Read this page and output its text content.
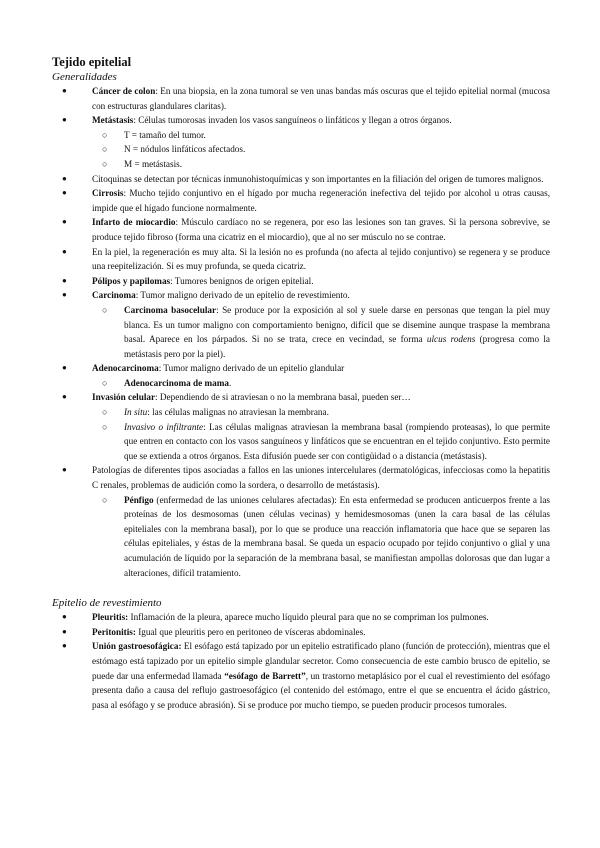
Tejido epitelial
Generalidades
● Cáncer de colon: En una biopsia, en la zona tumoral se ven unas bandas más oscuras que el tejido epitelial normal (mucosa con estructuras glandulares claritas).
● Metástasis: Células tumorosas invaden los vasos sanguíneos o linfáticos y llegan a otros órganos.
○ T = tamaño del tumor.
○ N = nódulos linfáticos afectados.
○ M = metástasis.
● Citoquinas se detectan por técnicas inmunohistoquímicas y son importantes en la filiación del origen de tumores malignos.
● Cirrosis: Mucho tejido conjuntivo en el hígado por mucha regeneración inefectiva del tejido por alcohol u otras causas, impide que el hígado funcione normalmente.
● Infarto de miocardio: Músculo cardíaco no se regenera, por eso las lesiones son tan graves. Si la persona sobrevive, se produce tejido fibroso (forma una cicatriz en el miocardio), que al no ser músculo no se contrae.
● En la piel, la regeneración es muy alta. Si la lesión no es profunda (no afecta al tejido conjuntivo) se regenera y se produce una reepitelización. Si es muy profunda, se queda cicatriz.
● Pólipos y papilomas: Tumores benignos de origen epitelial.
● Carcinoma: Tumor maligno derivado de un epitelio de revestimiento.
○ Carcinoma basocelular: Se produce por la exposición al sol y suele darse en personas que tengan la piel muy blanca. Es un tumor maligno con comportamiento benigno, difícil que se disemine aunque traspase la membrana basal. Aparece en los párpados. Si no se trata, crece en vecindad, se forma ulcus rodens (progresa como la metástasis pero por la piel).
● Adenocarcinoma: Tumor maligno derivado de un epitelio glandular
○ Adenocarcinoma de mama.
● Invasión celular: Dependiendo de si atraviesan o no la membrana basal, pueden ser…
○ In situ: las células malignas no atraviesan la membrana.
○ Invasivo o infiltrante: Las células malignas atraviesan la membrana basal (rompiendo proteasas), lo que permite que entren en contacto con los vasos sanguíneos y linfáticos que se encuentran en el tejido conjuntivo. Esto permite que se extienda a otros órganos. Esta difusión puede ser con contigüidad o a distancia (metástasis).
● Patologías de diferentes tipos asociadas a fallos en las uniones intercelulares (dermatológicas, infecciosas como la hepatitis C renales, problemas de audición como la sordera, o desarrollo de metástasis).
○ Pénfigo (enfermedad de las uniones celulares afectadas): En esta enfermedad se producen anticuerpos frente a las proteínas de los desmosomas (unen células vecinas) y hemidesmosomas (unen la cara basal de las células epiteliales con la membrana basal), por lo que se produce una reacción inflamatoria que hace que se separen las células epiteliales, y éstas de la membrana basal. Se queda un espacio ocupado por tejido conjuntivo o glial y una acumulación de líquido por la separación de la membrana basal, se manifiestan ampollas dolorosas que dan lugar a alteraciones, difícil tratamiento.
Epitelio de revestimiento
● Pleuritis: Inflamación de la pleura, aparece mucho líquido pleural para que no se compriman los pulmones.
● Peritonitis: Igual que pleuritis pero en peritoneo de vísceras abdominales.
● Unión gastroesofágica: El esófago está tapizado por un epitelio estratificado plano (función de protección), mientras que el estómago está tapizado por un epitelio simple glandular secretor. Como consecuencia de este cambio brusco de epitelio, se puede dar una enfermedad llamada “esófago de Barrett”, un trastorno metaplásico por el cual el revestimiento del esófago presenta daño a causa del reflujo gastroesofágico (el contenido del estómago, entre el que se encuentra el ácido gástrico, pasa al esófago y se produce abrasión). Si se produce por mucho tiempo, se pueden producir procesos tumorales.
